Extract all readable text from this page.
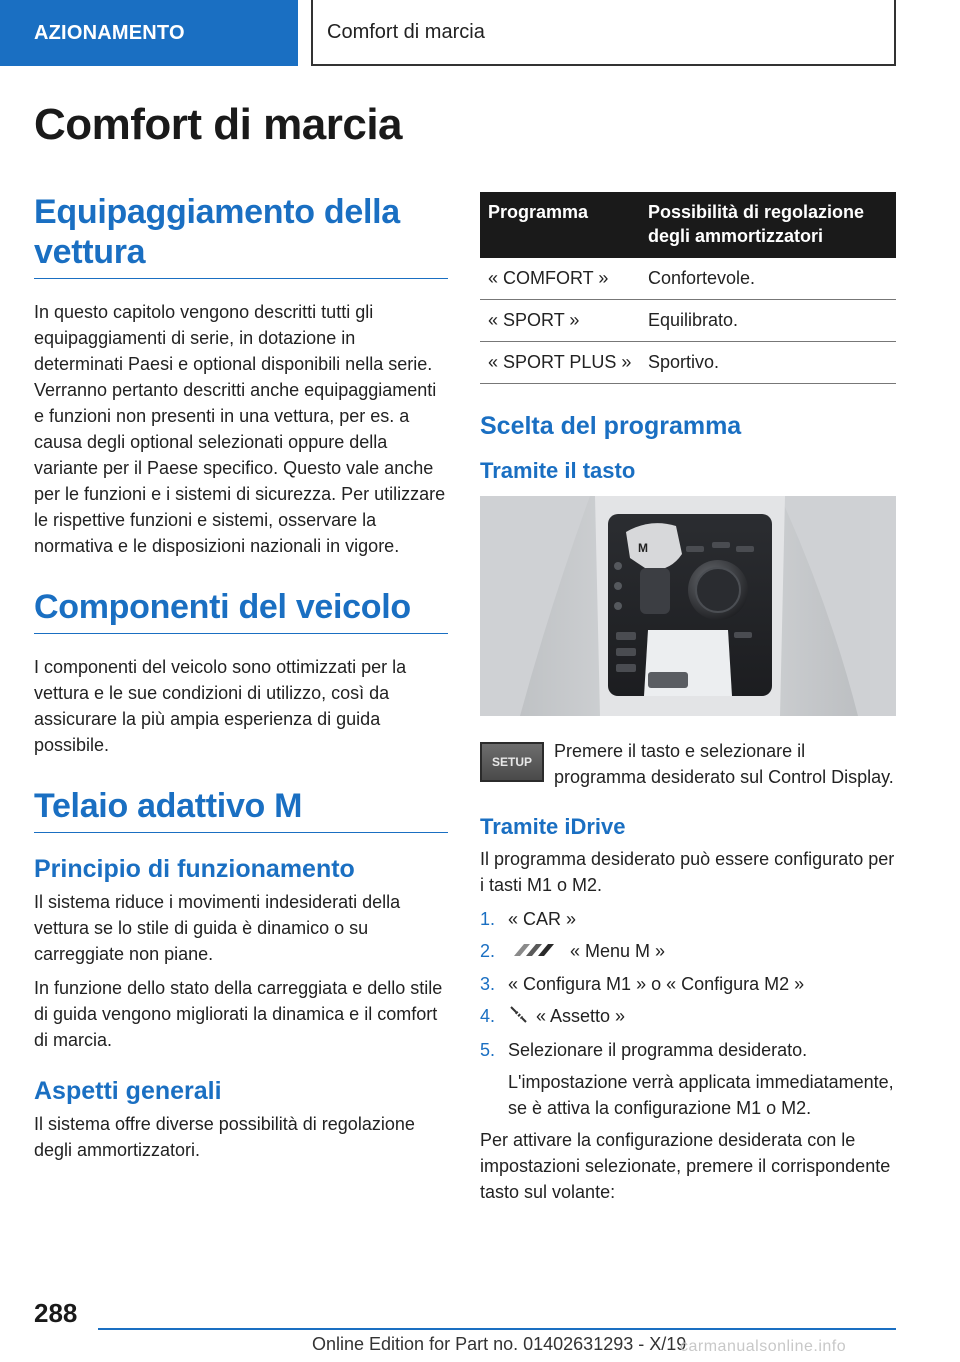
AZIONAMENTO	Comfort di marcia
Comfort di marcia
Equipaggiamento della vettura

In questo capitolo vengono descritti tutti gli equipaggiamenti di serie, in dotazione in determinati Paesi e optional disponibili nella serie. Verranno pertanto descritti anche equipaggiamenti e funzioni non presenti in una vettura, per es. a causa degli optional selezionati oppure della variante per il Paese specifico. Questo vale anche per le funzioni e i sistemi di sicurezza. Per utilizzare le rispettive funzioni e sistemi, osservare la normativa e le disposizioni nazionali in vigore.

Componenti del veicolo

I componenti del veicolo sono ottimizzati per la vettura e le sue condizioni di utilizzo, così da assicurare la più ampia esperienza di guida possibile.

Telaio adattivo M
Principio di funzionamento

Il sistema riduce i movimenti indesiderati della vettura se lo stile di guida è dinamico o su carreggiate non piane.

In funzione dello stato della carreggiata e dello stile di guida vengono migliorati la dinamica e il comfort di marcia.

Aspetti generali

Il sistema offre diverse possibilità di regolazione degli ammortizzatori.

Programma	Possibilità di regolazione degli ammortizzatori
« COMFORT »	Confortevole.
« SPORT »	Equilibrato.
« SPORT PLUS »	Sportivo.
Scelta del programma
Tramite il tasto
M
SETUP

Premere il tasto e selezionare il programma desiderato sul Control Display.

Tramite iDrive

Il programma desiderato può essere configurato per i tasti M1 o M2.

1. « CAR »
2.	« Menu M »
3. « Configura M1 » o « Configura M2 »
4.	« Assetto »
5. Selezionare il programma desiderato.

L'impostazione verrà applicata immediatamente, se è attiva la configurazione M1 o M2.

Per attivare la configurazione desiderata con le impostazioni selezionate, premere il corrispondente tasto sul volante:

288
Online Edition for Part no. 01402631293 - X/19
carmanualsonline.info
